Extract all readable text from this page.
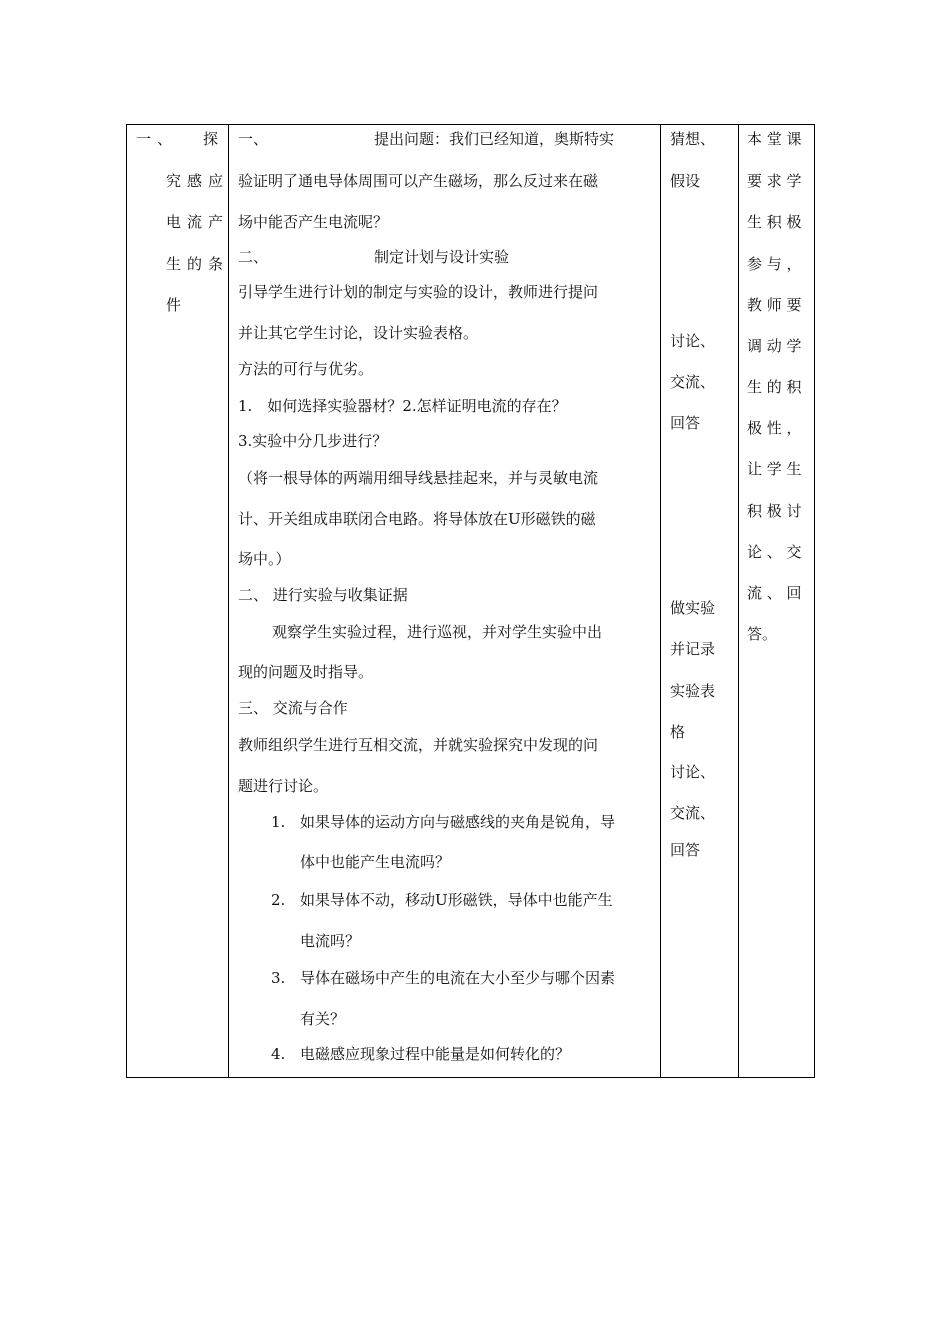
一、 探
究感应
电流产
生的条
件
一、	提出问题：我们已经知道，奥斯特实
验证明了通电导体周围可以产生磁场，那么反过来在磁
场中能否产生电流呢？
二、	制定计划与设计实验
引导学生进行计划的制定与实验的设计，教师进行提问
并让其它学生讨论，设计实验表格。
方法的可行与优劣。
1.　如何选择实验器材？2.怎样证明电流的存在？
3.实验中分几步进行？
（将一根导体的两端用细导线悬挂起来，并与灵敏电流
计、开关组成串联闭合电路。将导体放在U形磁铁的磁
场中。）
二、 进行实验与收集证据
观察学生实验过程，进行巡视，并对学生实验中出
现的问题及时指导。
三、 交流与合作
教师组织学生进行互相交流，并就实验探究中发现的问
题进行讨论。
1. 如果导体的运动方向与磁感线的夹角是锐角，导
体中也能产生电流吗？
2. 如果导体不动，移动U形磁铁，导体中也能产生
电流吗？
3. 导体在磁场中产生的电流在大小至少与哪个因素
有关？
4. 电磁感应现象过程中能量是如何转化的？
猜想、
假设
讨论、
交流、
回答
做实验
并记录
实验表
格
讨论、
交流、
回答
本 堂 课
要 求 学
生 积 极
参 与 ，
教 师 要
调 动 学
生 的 积
极 性 ，
让 学 生
积 极 讨
论 、 交
流 、 回
答。
